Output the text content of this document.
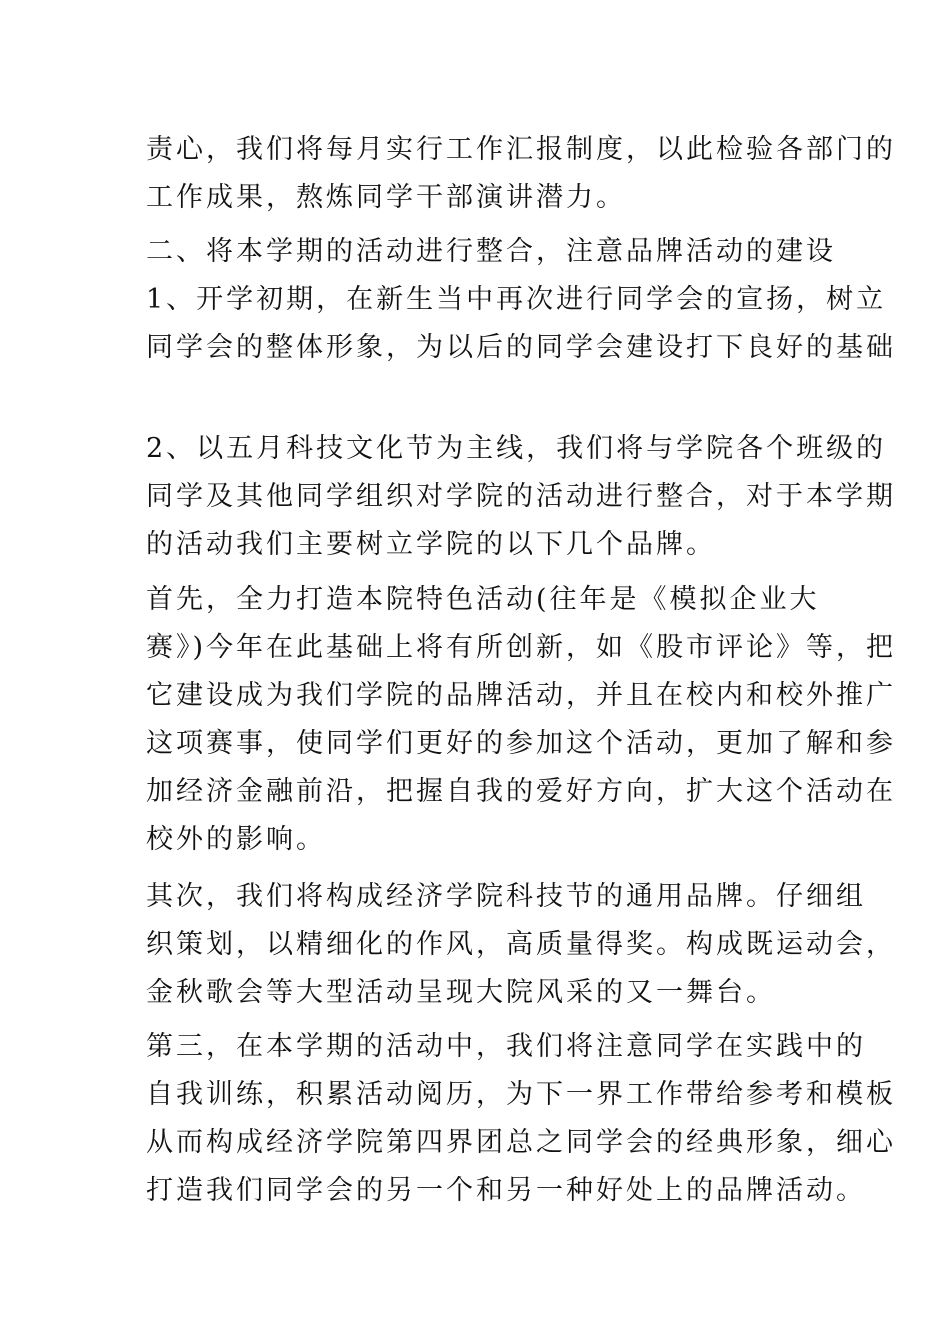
责心，我们将每月实行工作汇报制度，以此检验各部门的
工作成果，熬炼同学干部演讲潜力。
二、将本学期的活动进行整合，注意品牌活动的建设
1、开学初期，在新生当中再次进行同学会的宣扬，树立
同学会的整体形象，为以后的同学会建设打下良好的基础
2、以五月科技文化节为主线，我们将与学院各个班级的
同学及其他同学组织对学院的活动进行整合，对于本学期
的活动我们主要树立学院的以下几个品牌。
首先，全力打造本院特色活动(往年是《模拟企业大
赛》)今年在此基础上将有所创新，如《股市评论》等，把
它建设成为我们学院的品牌活动，并且在校内和校外推广
这项赛事，使同学们更好的参加这个活动，更加了解和参
加经济金融前沿，把握自我的爱好方向，扩大这个活动在
校外的影响。
其次，我们将构成经济学院科技节的通用品牌。仔细组
织策划，以精细化的作风，高质量得奖。构成既运动会，
金秋歌会等大型活动呈现大院风采的又一舞台。
第三，在本学期的活动中，我们将注意同学在实践中的
自我训练，积累活动阅历，为下一界工作带给参考和模板
从而构成经济学院第四界团总之同学会的经典形象，细心
打造我们同学会的另一个和另一种好处上的品牌活动。
